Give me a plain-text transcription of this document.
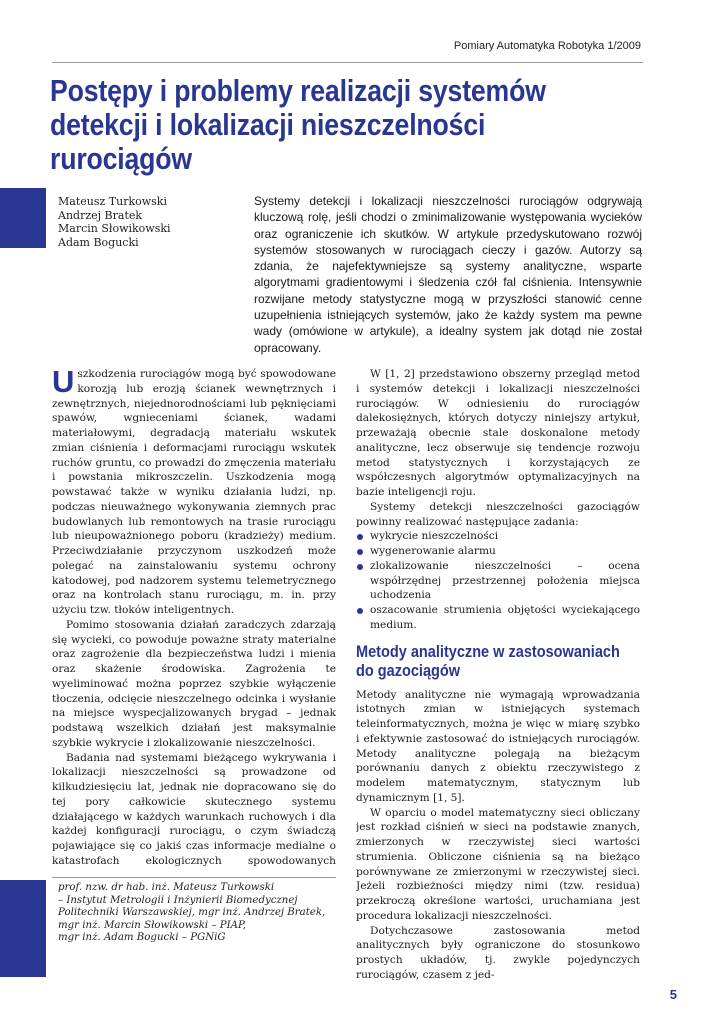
Pomiary Automatyka Robotyka 1/2009
Postępy i problemy realizacji systemów detekcji i lokalizacji nieszczelności rurociągów
Mateusz Turkowski
Andrzej Bratek
Marcin Słowikowski
Adam Bogucki
Systemy detekcji i lokalizacji nieszczelności rurociągów odgrywają kluczową rolę, jeśli chodzi o zminimalizowanie występowania wycieków oraz ograniczenie ich skutków. W artykule przedyskutowano rozwój systemów stosowanych w rurociągach cieczy i gazów. Autorzy są zdania, że najefektywniejsze są systemy analityczne, wsparte algorytmami gradientowymi i śledzenia czół fal ciśnienia. Intensywnie rozwijane metody statystyczne mogą w przyszłości stanowić cenne uzupełnienia istniejących systemów, jako że każdy system ma pewne wady (omówione w artykule), a idealny system jak dotąd nie został opracowany.

Uszkodzenia rurociągów mogą być spowodowane korozją lub erozją ścianek wewnętrznych i zewnętrznych, niejednorodnościami lub pęknięciami spawów, wgnieceniami ścianek, wadami materiałowymi, degradacją materiału wskutek zmian ciśnienia i deformacjami rurociągu wskutek ruchów gruntu, co prowadzi do zmęczenia materiału i powstania mikroszczelin. Uszkodzenia mogą powstawać także w wyniku działania ludzi, np. podczas nieuważnego wykonywania ziemnych prac budowlanych lub remontowych na trasie rurociągu lub nieupoważnionego poboru (kradzieży) medium. Przeciwdziałanie przyczynom uszkodzeń może polegać na zainstalowaniu systemu ochrony katodowej, pod nadzorem systemu telemetrycznego oraz na kontrolach stanu rurociągu, m. in. przy użyciu tzw. tłoków inteligentnych.

Pomimo stosowania działań zaradczych zdarzają się wycieki, co powoduje poważne straty materialne oraz zagrożenie dla bezpieczeństwa ludzi i mienia oraz skażenie środowiska. Zagrożenia te wyeliminować można poprzez szybkie wyłączenie tłoczenia, odcięcie nieszczelnego odcinka i wysłanie na miejsce wyspecjalizowanych brygad – jednak podstawą wszelkich działań jest maksymalnie szybkie wykrycie i zlokalizowanie nieszczelności.

Badania nad systemami bieżącego wykrywania i lokalizacji nieszczelności są prowadzone od kilkudziesięciu lat, jednak nie dopracowano się do tej pory całkowicie skutecznego systemu działającego w każdych warunkach ruchowych i dla każdej konfiguracji rurociągu, o czym świadczą pojawiające się co jakiś czas informacje medialne o katastrofach ekologicznych spowodowanych

W [1, 2] przedstawiono obszerny przegląd metod i systemów detekcji i lokalizacji nieszczelności rurociągów. W odniesieniu do rurociągów dalekosiężnych, których dotyczy niniejszy artykuł, przeważają obecnie stale doskonalone metody analityczne, lecz obserwuje się tendencje rozwoju metod statystycznych i korzystających ze współczesnych algorytmów optymalizacyjnych na bazie inteligencji roju.

Systemy detekcji nieszczelności gazociągów powinny realizować następujące zadania:

wykrycie nieszczelności
wygenerowanie alarmu
zlokalizowanie nieszczelności – ocena współrzędnej przestrzennej położenia miejsca uchodzenia
oszacowanie strumienia objętości wyciekającego medium.
Metody analityczne w zastosowaniach do gazociągów

Metody analityczne nie wymagają wprowadzania istotnych zmian w istniejących systemach teleinformatycznych, można je więc w miarę szybko i efektywnie zastosować do istniejących rurociągów. Metody analityczne polegają na bieżącym porównaniu danych z obiektu rzeczywistego z modelem matematycznym, statycznym lub dynamicznym [1, 5].

W oparciu o model matematyczny sieci obliczany jest rozkład ciśnień w sieci na podstawie znanych, zmierzonych w rzeczywistej sieci wartości strumienia. Obliczone ciśnienia są na bieżąco porównywane ze zmierzonymi w rzeczywistej sieci. Jeżeli rozbieżności między nimi (tzw. residua) przekroczą określone wartości, uruchamiana jest procedura lokalizacji nieszczelności.

Dotychczasowe zastosowania metod analitycznych były ograniczone do stosunkowo prostych układów, tj. zwykle pojedynczych rurociągów, czasem z jed-

prof. nzw. dr hab. inż. Mateusz Turkowski
– Instytut Metrologii i Inżynierii Biomedycznej
Politechniki Warszawskiej, mgr inż. Andrzej Bratek,
mgr inż. Marcin Słowikowski – PIAP,
mgr inż. Adam Bogucki – PGNiG
5
